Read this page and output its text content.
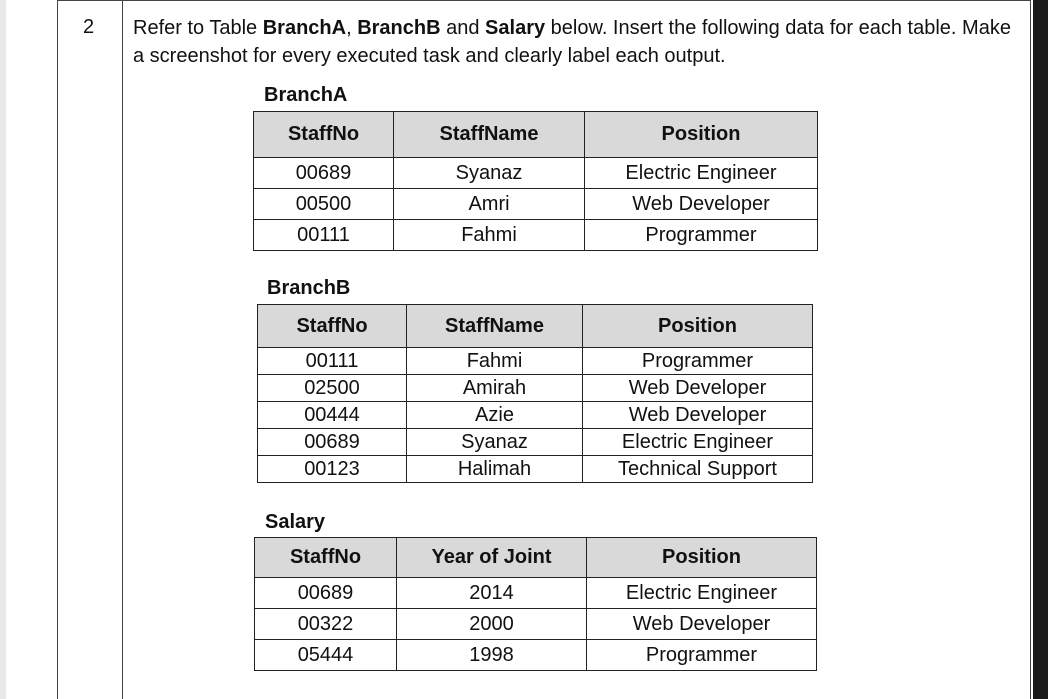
2 Refer to Table BranchA, BranchB and Salary below. Insert the following data for each table. Make a screenshot for every executed task and clearly label each output.

BranchA
StaffNo	StaffName	Position
00689	Syanaz	Electric Engineer
00500	Amri	Web Developer
00111	Fahmi	Programmer
BranchB
StaffNo	StaffName	Position
00111	Fahmi	Programmer
02500	Amirah	Web Developer
00444	Azie	Web Developer
00689	Syanaz	Electric Engineer
00123	Halimah	Technical Support
Salary
StaffNo	Year of Joint	Position
00689	2014	Electric Engineer
00322	2000	Web Developer
05444	1998	Programmer
